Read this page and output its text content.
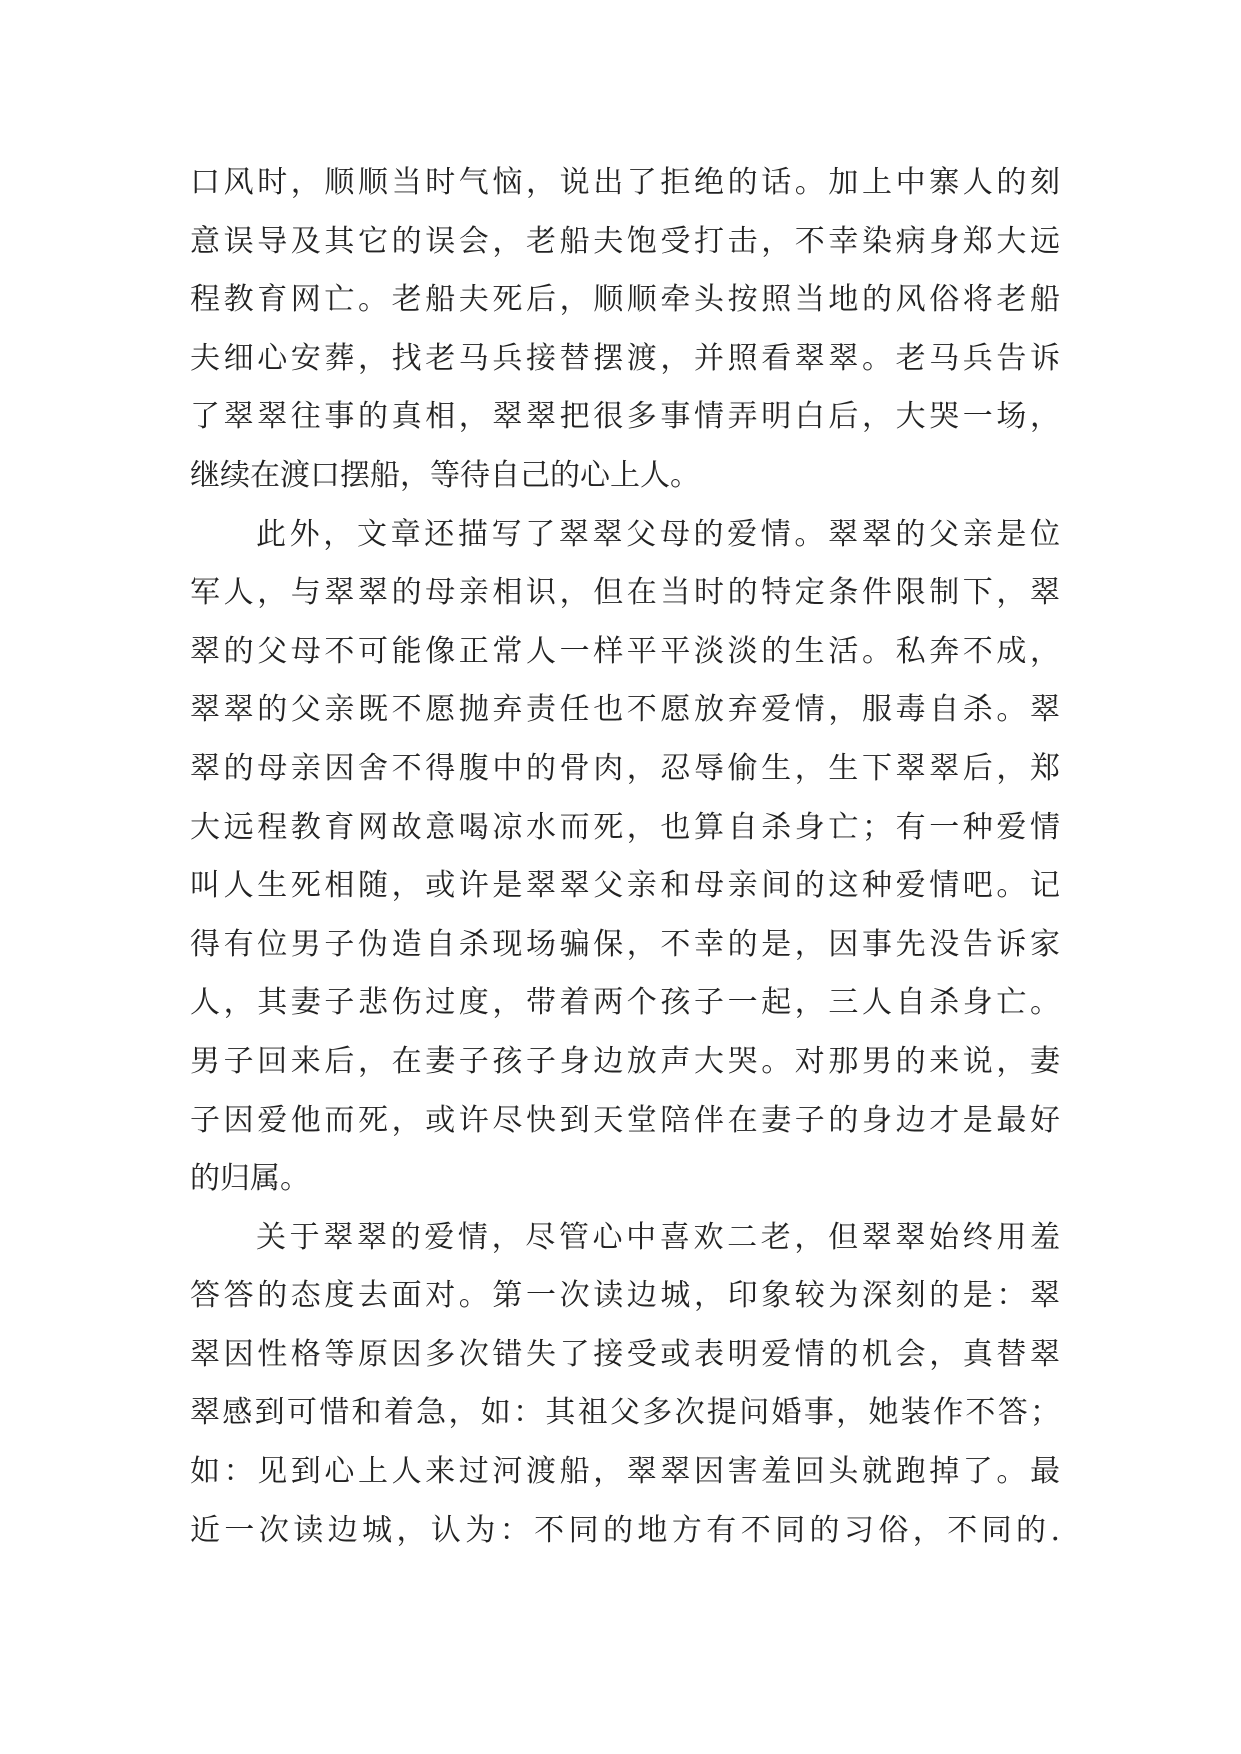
口风时，顺顺当时气恼，说出了拒绝的话。加上中寨人的刻
意误导及其它的误会，老船夫饱受打击，不幸染病身郑大远
程教育网亡。老船夫死后，顺顺牵头按照当地的风俗将老船
夫细心安葬，找老马兵接替摆渡，并照看翠翠。老马兵告诉
了翠翠往事的真相，翠翠把很多事情弄明白后，大哭一场，
继续在渡口摆船，等待自己的心上人。
此外，文章还描写了翠翠父母的爱情。翠翠的父亲是位
军人，与翠翠的母亲相识，但在当时的特定条件限制下，翠
翠的父母不可能像正常人一样平平淡淡的生活。私奔不成，
翠翠的父亲既不愿抛弃责任也不愿放弃爱情，服毒自杀。翠
翠的母亲因舍不得腹中的骨肉，忍辱偷生，生下翠翠后，郑
大远程教育网故意喝凉水而死，也算自杀身亡；有一种爱情
叫人生死相随，或许是翠翠父亲和母亲间的这种爱情吧。记
得有位男子伪造自杀现场骗保，不幸的是，因事先没告诉家
人，其妻子悲伤过度，带着两个孩子一起，三人自杀身亡。
男子回来后，在妻子孩子身边放声大哭。对那男的来说，妻
子因爱他而死，或许尽快到天堂陪伴在妻子的身边才是最好
的归属。
关于翠翠的爱情，尽管心中喜欢二老，但翠翠始终用羞
答答的态度去面对。第一次读边城，印象较为深刻的是：翠
翠因性格等原因多次错失了接受或表明爱情的机会，真替翠
翠感到可惜和着急，如：其祖父多次提问婚事，她装作不答；
如：见到心上人来过河渡船，翠翠因害羞回头就跑掉了。最
近一次读边城，认为：不同的地方有不同的习俗，不同的.
